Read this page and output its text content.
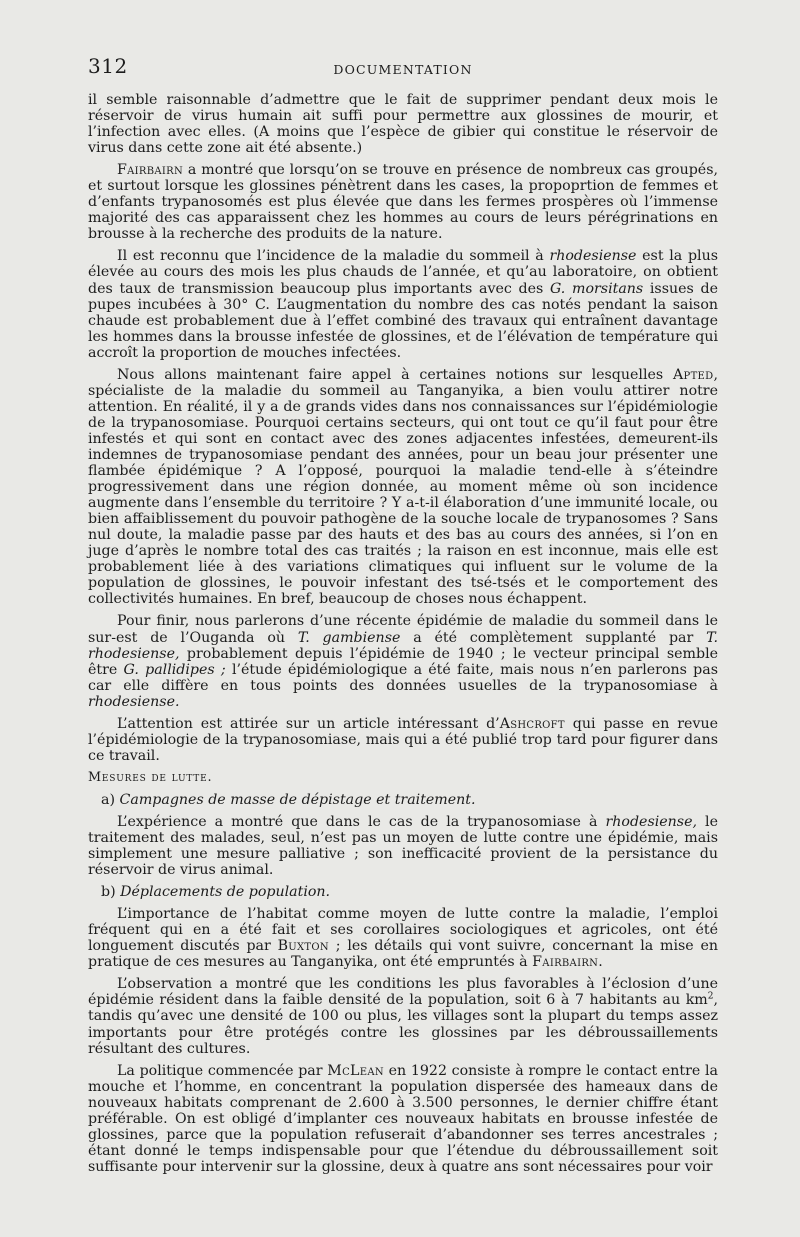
312	DOCUMENTATION

il semble raisonnable d’admettre que le fait de supprimer pendant deux mois le réservoir de virus humain ait suffi pour permettre aux glossines de mourir, et l’infection avec elles. (A moins que l’espèce de gibier qui constitue le réservoir de virus dans cette zone ait été absente.)

Fairbairn a montré que lorsqu’on se trouve en présence de nombreux cas groupés, et surtout lorsque les glossines pénètrent dans les cases, la propoprtion de femmes et d’enfants trypanosomés est plus élevée que dans les fermes prospères où l’immense majorité des cas apparaissent chez les hommes au cours de leurs pérégrinations en brousse à la recherche des produits de la nature.

Il est reconnu que l’incidence de la maladie du sommeil à rhodesiense est la plus élevée au cours des mois les plus chauds de l’année, et qu’au laboratoire, on obtient des taux de transmission beaucoup plus importants avec des G. morsitans issues de pupes incubées à 30° C. L’augmentation du nombre des cas notés pendant la saison chaude est probablement due à l’effet combiné des travaux qui entraînent davantage les hommes dans la brousse infestée de glossines, et de l’élévation de température qui accroît la proportion de mouches infectées.

Nous allons maintenant faire appel à certaines notions sur lesquelles Apted, spécialiste de la maladie du sommeil au Tanganyika, a bien voulu attirer notre attention. En réalité, il y a de grands vides dans nos connaissances sur l’épidémiologie de la trypanosomiase. Pourquoi certains secteurs, qui ont tout ce qu’il faut pour être infestés et qui sont en contact avec des zones adjacentes infestées, demeurent-ils indemnes de trypanosomiase pendant des années, pour un beau jour présenter une flambée épidémique ? A l’opposé, pourquoi la maladie tend-elle à s’éteindre progressivement dans une région donnée, au moment même où son incidence augmente dans l’ensemble du territoire ? Y a-t-il élaboration d’une immunité locale, ou bien affaiblissement du pouvoir pathogène de la souche locale de trypanosomes ? Sans nul doute, la maladie passe par des hauts et des bas au cours des années, si l’on en juge d’après le nombre total des cas traités ; la raison en est inconnue, mais elle est probablement liée à des variations climatiques qui influent sur le volume de la population de glossines, le pouvoir infestant des tsé-tsés et le comportement des collectivités humaines. En bref, beaucoup de choses nous échappent.

Pour finir, nous parlerons d’une récente épidémie de maladie du sommeil dans le sur-est de l’Ouganda où T. gambiense a été complètement supplanté par T. rhodesiense, probablement depuis l’épidémie de 1940 ; le vecteur principal semble être G. pallidipes ; l’étude épidémiologique a été faite, mais nous n’en parlerons pas car elle diffère en tous points des données usuelles de la trypanosomiase à rhodesiense.

L’attention est attirée sur un article intéressant d’Ashcroft qui passe en revue l’épidémiologie de la trypanosomiase, mais qui a été publié trop tard pour figurer dans ce travail.

Mesures de lutte.

a) Campagnes de masse de dépistage et traitement.

L’expérience a montré que dans le cas de la trypanosomiase à rhodesiense, le traitement des malades, seul, n’est pas un moyen de lutte contre une épidémie, mais simplement une mesure palliative ; son inefficacité provient de la persistance du réservoir de virus animal.

b) Déplacements de population.

L’importance de l’habitat comme moyen de lutte contre la maladie, l’emploi fréquent qui en a été fait et ses corollaires sociologiques et agricoles, ont été longuement discutés par Buxton ; les détails qui vont suivre, concernant la mise en pratique de ces mesures au Tanganyika, ont été empruntés à Fairbairn.

L’observation a montré que les conditions les plus favorables à l’éclosion d’une épidémie résident dans la faible densité de la population, soit 6 à 7 habitants au $km^2$, tandis qu’avec une densité de 100 ou plus, les villages sont la plupart du temps assez importants pour être protégés contre les glossines par les débroussaillements résultant des cultures.

La politique commencée par McLean en 1922 consiste à rompre le contact entre la mouche et l’homme, en concentrant la population dispersée des hameaux dans de nouveaux habitats comprenant de 2.600 à 3.500 personnes, le dernier chiffre étant préférable. On est obligé d’implanter ces nouveaux habitats en brousse infestée de glossines, parce que la population refuserait d’abandonner ses terres ancestrales ; étant donné le temps indispensable pour que l’étendue du débroussaillement soit suffisante pour intervenir sur la glossine, deux à quatre ans sont nécessaires pour voir
